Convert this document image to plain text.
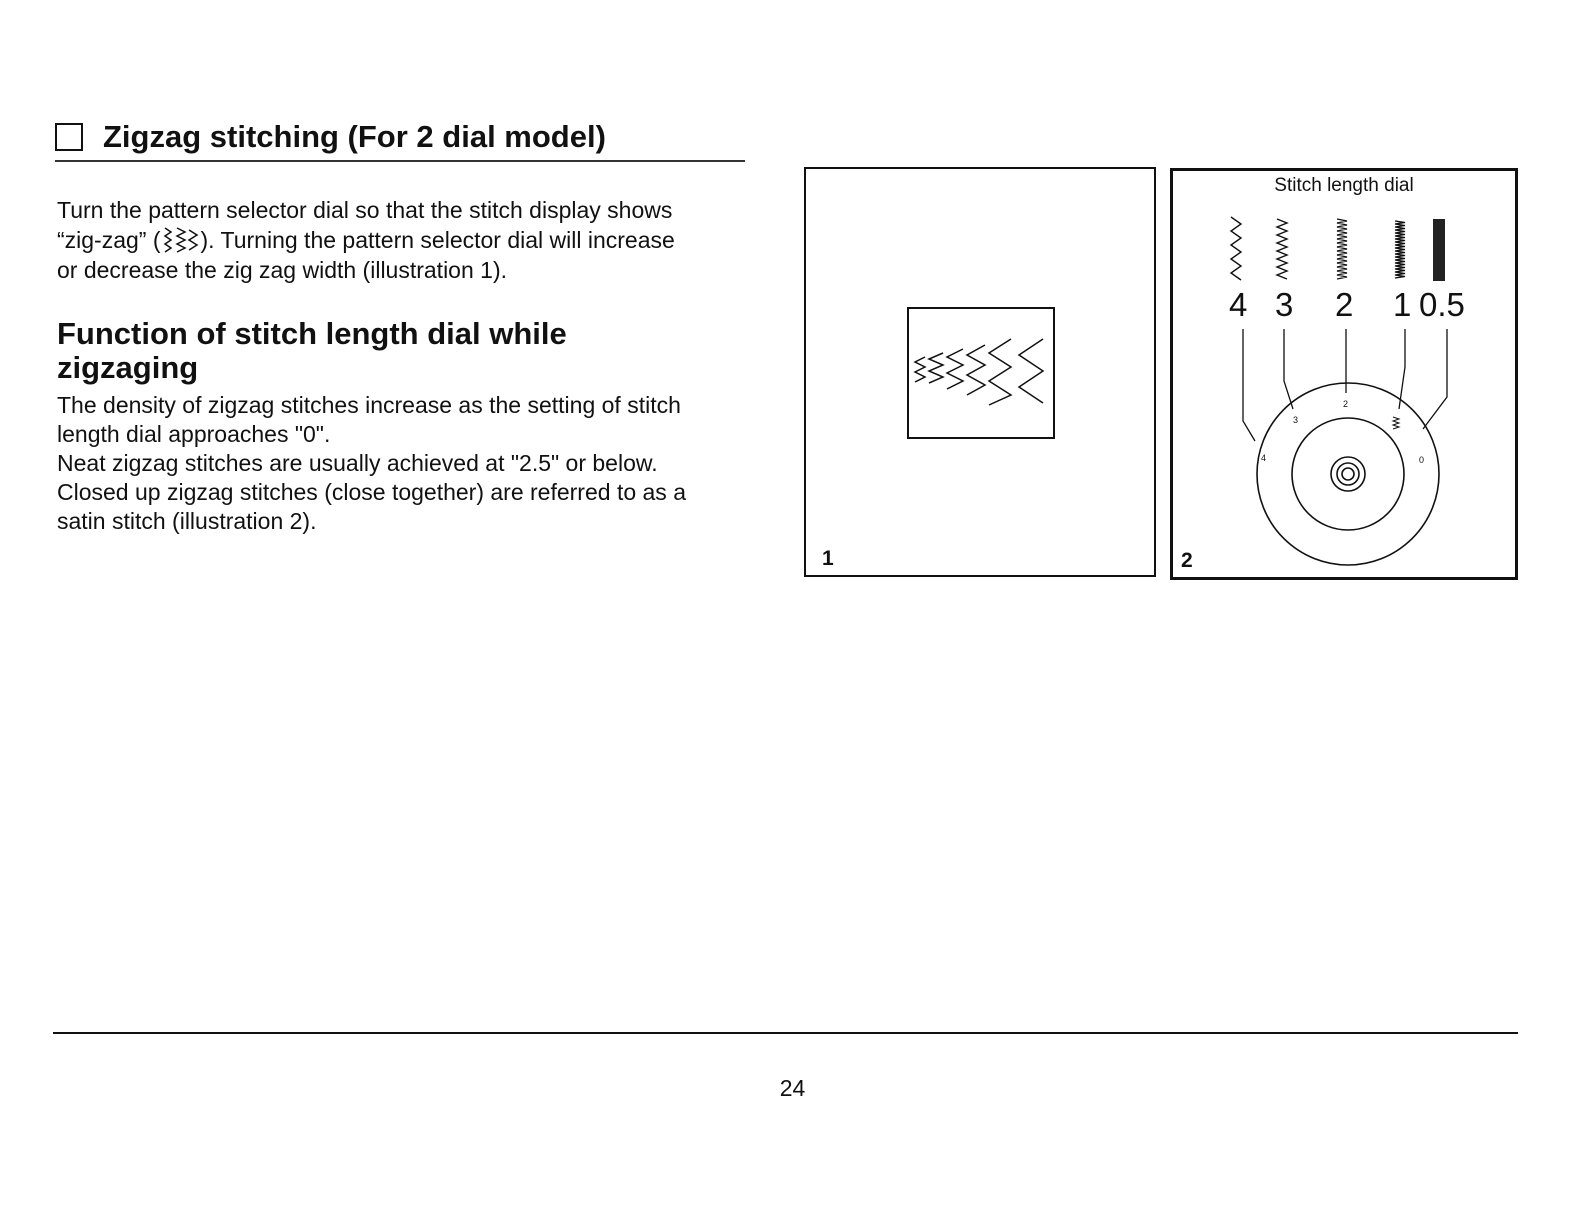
Zigzag stitching (For 2 dial model)
Turn the pattern selector dial so that the stitch display shows
“zig-zag” ( ). Turning the pattern selector dial will increase
or decrease the zig zag width (illustration 1).
Function of stitch length dial while zigzaging
The density of zigzag stitches increase as the setting of stitch
length dial approaches "0".
Neat zigzag stitches are usually achieved at "2.5" or below.
Closed up zigzag stitches (close together) are referred to as a
satin stitch (illustration 2).
1
Stitch length dial
4 3 2 1 0.5
4
3
2
0
2
24
